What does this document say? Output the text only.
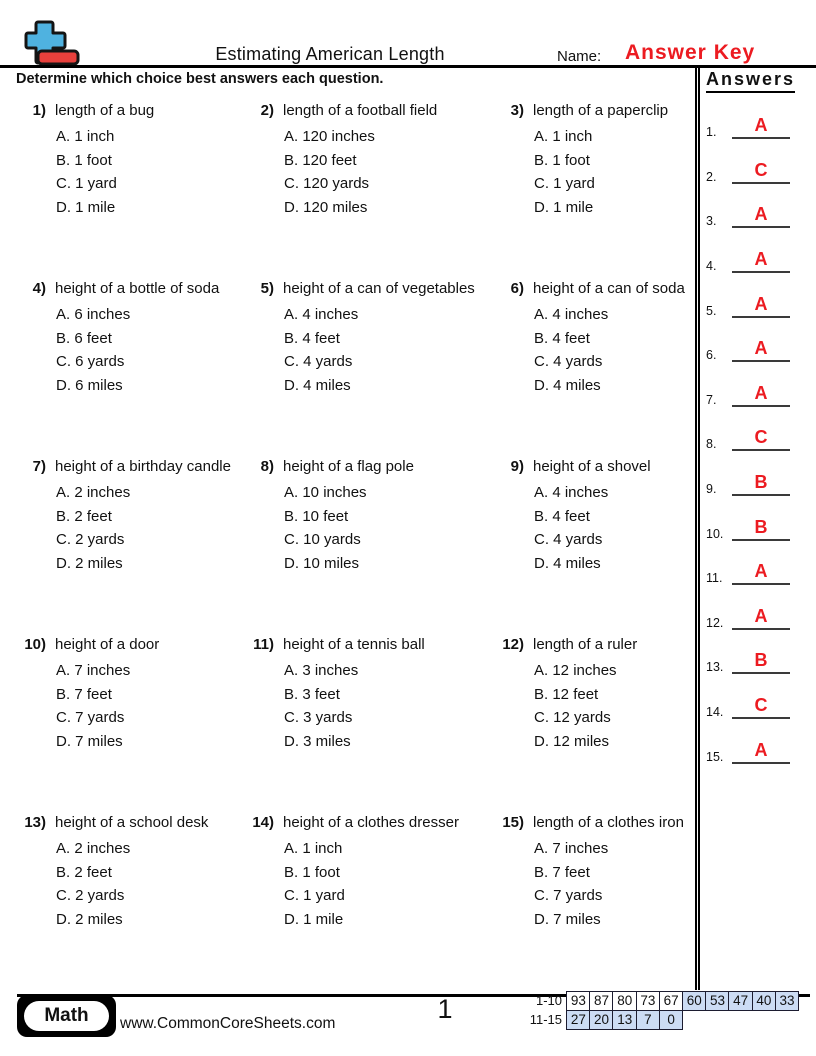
Estimating American Length	Name: Answer Key
Determine which choice best answers each question.	Answers
1.	A
2.	C
3.	A
4.	A
5.	A
6.	A
7.	A
8.	C
9.	B
10.	B
11.	A
12.	A
13.	B
14.	C
15.	A
1) length of a bug
A. 1 inch
B. 1 foot
C. 1 yard
D. 1 mile
2) length of a football field
A. 120 inches
B. 120 feet
C. 120 yards
D. 120 miles
3) length of a paperclip
A. 1 inch
B. 1 foot
C. 1 yard
D. 1 mile
4) height of a bottle of soda
A. 6 inches
B. 6 feet
C. 6 yards
D. 6 miles
5) height of a can of vegetables
A. 4 inches
B. 4 feet
C. 4 yards
D. 4 miles
6) height of a can of soda
A. 4 inches
B. 4 feet
C. 4 yards
D. 4 miles
7) height of a birthday candle
A. 2 inches
B. 2 feet
C. 2 yards
D. 2 miles
8) height of a flag pole
A. 10 inches
B. 10 feet
C. 10 yards
D. 10 miles
9) height of a shovel
A. 4 inches
B. 4 feet
C. 4 yards
D. 4 miles
10) height of a door
A. 7 inches
B. 7 feet
C. 7 yards
D. 7 miles
11) height of a tennis ball
A. 3 inches
B. 3 feet
C. 3 yards
D. 3 miles
12) length of a ruler
A. 12 inches
B. 12 feet
C. 12 yards
D. 12 miles
13) height of a school desk
A. 2 inches
B. 2 feet
C. 2 yards
D. 2 miles
14) height of a clothes dresser
A. 1 inch
B. 1 foot
C. 1 yard
D. 1 mile
15) length of a clothes iron
A. 7 inches
B. 7 feet
C. 7 yards
D. 7 miles
Math	www.CommonCoreSheets.com	1	1-10 93 87 80 73 67 60 53 47 40 33
11-15 27 20 13 7	0
